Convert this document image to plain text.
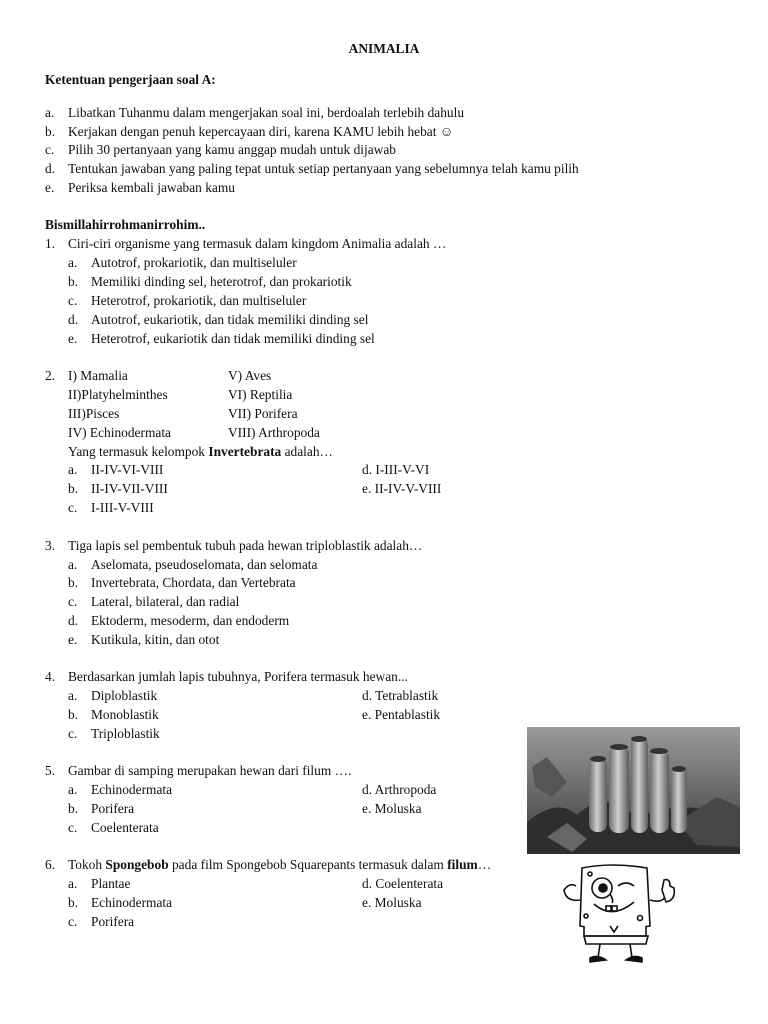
ANIMALIA
Ketentuan pengerjaan soal A:
a. Libatkan Tuhanmu dalam mengerjakan soal ini, berdoalah terlebih dahulu
b. Kerjakan dengan penuh kepercayaan diri, karena KAMU lebih hebat ☺
c. Pilih 30 pertanyaan yang kamu anggap mudah untuk dijawab
d. Tentukan jawaban yang paling tepat untuk setiap pertanyaan yang sebelumnya telah kamu pilih
e. Periksa kembali jawaban kamu
Bismillahirrohmanirrohim..
1. Ciri-ciri organisme yang termasuk dalam kingdom Animalia adalah …
a. Autotrof, prokariotik, dan multiseluler
b. Memiliki dinding sel, heterotrof, dan prokariotik
c. Heterotrof, prokariotik, dan multiseluler
d. Autotrof, eukariotik, dan tidak memiliki dinding sel
e. Heterotrof, eukariotik dan tidak memiliki dinding sel
2. I) Mamalia	V) Aves
II)Platyhelminthes	VI) Reptilia
III)Pisces	VII) Porifera
IV) Echinodermata	VIII) Arthropoda
Yang termasuk kelompok Invertebrata adalah…
a. II-IV-VI-VIII	d. I-III-V-VI
b. II-IV-VII-VIII	e. II-IV-V-VIII
c. I-III-V-VIII
3. Tiga lapis sel pembentuk tubuh pada hewan triploblastik adalah…
a. Aselomata, pseudoselomata, dan selomata
b. Invertebrata, Chordata, dan Vertebrata
c. Lateral, bilateral, dan radial
d. Ektoderm, mesoderm, dan endoderm
e. Kutikula, kitin, dan otot
4. Berdasarkan jumlah lapis tubuhnya, Porifera termasuk hewan...
a. Diploblastik	d. Tetrablastik
b. Monoblastik	e. Pentablastik
c. Triploblastik
5. Gambar di samping merupakan hewan dari filum ….
a. Echinodermata	d. Arthropoda
b. Porifera	e. Moluska
c. Coelenterata
6. Tokoh Spongebob pada film Spongebob Squarepants termasuk dalam filum…
a. Plantae	d. Coelenterata
b. Echinodermata	e. Moluska
c. Porifera
